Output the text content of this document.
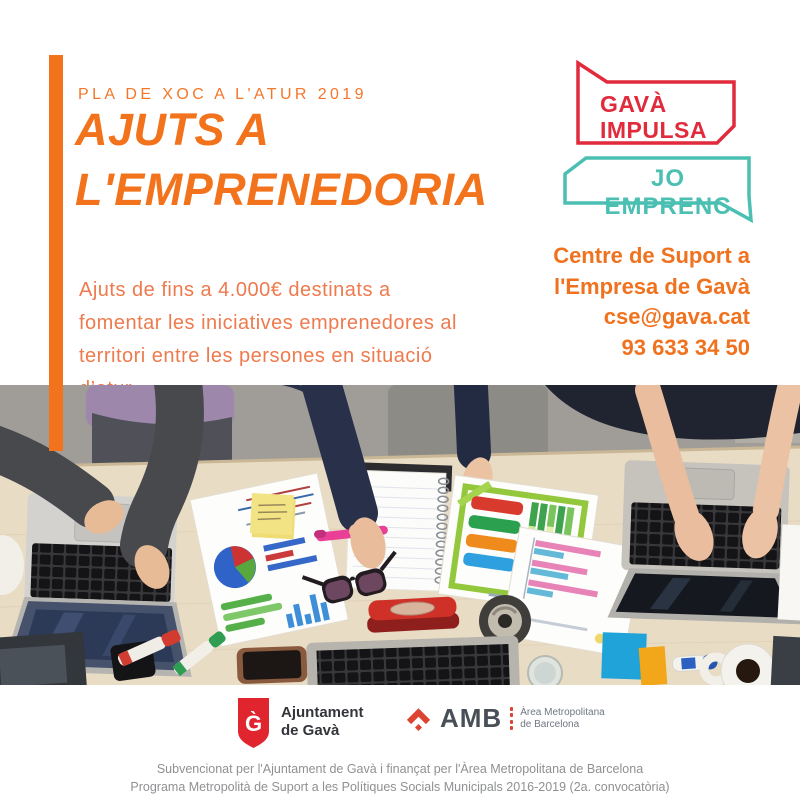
PLA DE XOC A L'ATUR 2019
AJUTS A
L'EMPRENEDORIA

Ajuts de fins a 4.000€ destinats a
fomentar les iniciatives emprenedores al
territori entre les persones en situació

GAVÀ
IMPULSA
JO EMPRENC
Centre de Suport a
l'Empresa de Gavà
cse@gava.cat
93 633 34 50
G̀ Ajuntament
de Gavà	AMB Àrea Metropolitana
de Barcelona
Subvencionat per l'Ajuntament de Gavà i finançat per l'Àrea Metropolitana de Barcelona
Programa Metropolità de Suport a les Polítiques Socials Municipals 2016-2019 (2a. convocatòria)
